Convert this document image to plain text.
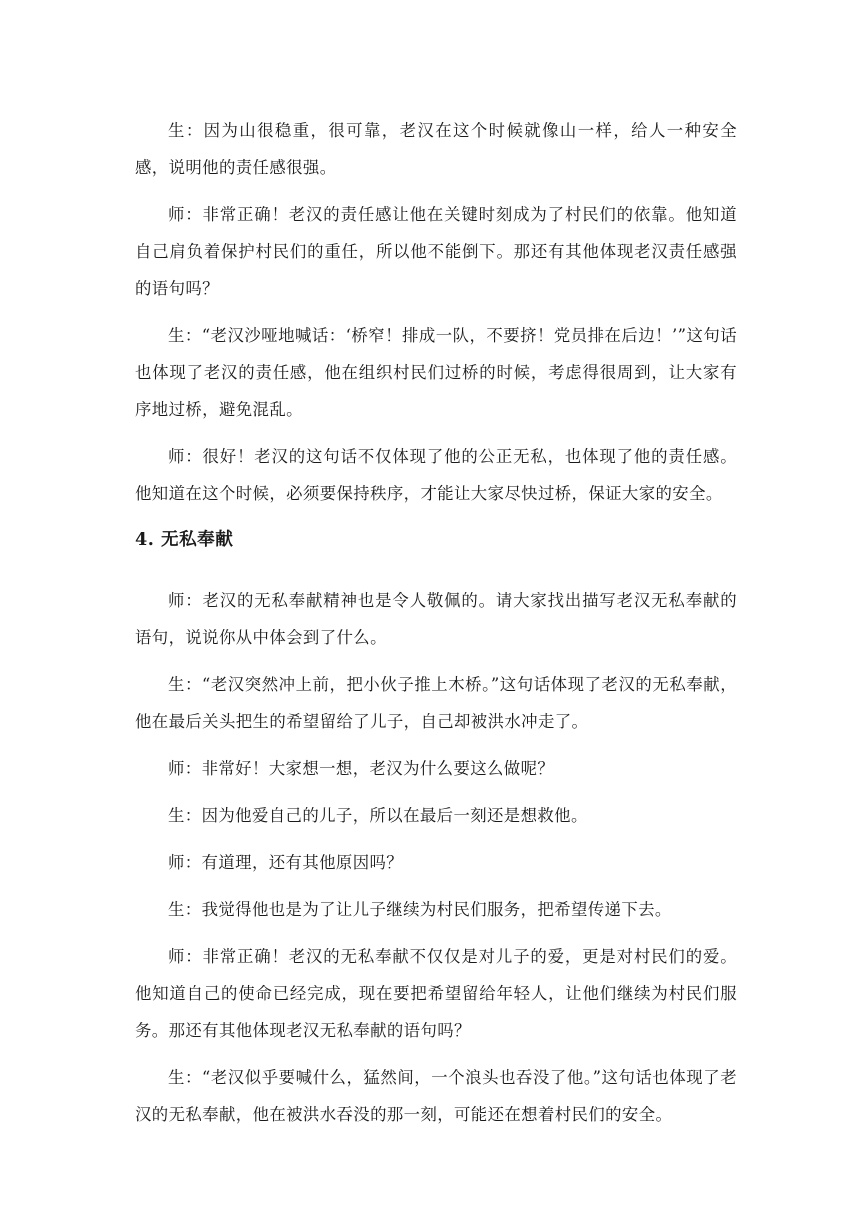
生：因为山很稳重，很可靠，老汉在这个时候就像山一样，给人一种安全感，说明他的责任感很强。

师：非常正确！老汉的责任感让他在关键时刻成为了村民们的依靠。他知道自己肩负着保护村民们的重任，所以他不能倒下。那还有其他体现老汉责任感强的语句吗？

生：“老汉沙哑地喊话：‘桥窄！排成一队，不要挤！党员排在后边！’”这句话也体现了老汉的责任感，他在组织村民们过桥的时候，考虑得很周到，让大家有序地过桥，避免混乱。

师：很好！老汉的这句话不仅体现了他的公正无私，也体现了他的责任感。他知道在这个时候，必须要保持秩序，才能让大家尽快过桥，保证大家的安全。

4. 无私奉献

师：老汉的无私奉献精神也是令人敬佩的。请大家找出描写老汉无私奉献的语句，说说你从中体会到了什么。

生：“老汉突然冲上前，把小伙子推上木桥。”这句话体现了老汉的无私奉献，他在最后关头把生的希望留给了儿子，自己却被洪水冲走了。

师：非常好！大家想一想，老汉为什么要这么做呢？

生：因为他爱自己的儿子，所以在最后一刻还是想救他。

师：有道理，还有其他原因吗？

生：我觉得他也是为了让儿子继续为村民们服务，把希望传递下去。

师：非常正确！老汉的无私奉献不仅仅是对儿子的爱，更是对村民们的爱。他知道自己的使命已经完成，现在要把希望留给年轻人，让他们继续为村民们服务。那还有其他体现老汉无私奉献的语句吗？

生：“老汉似乎要喊什么，猛然间，一个浪头也吞没了他。”这句话也体现了老汉的无私奉献，他在被洪水吞没的那一刻，可能还在想着村民们的安全。
